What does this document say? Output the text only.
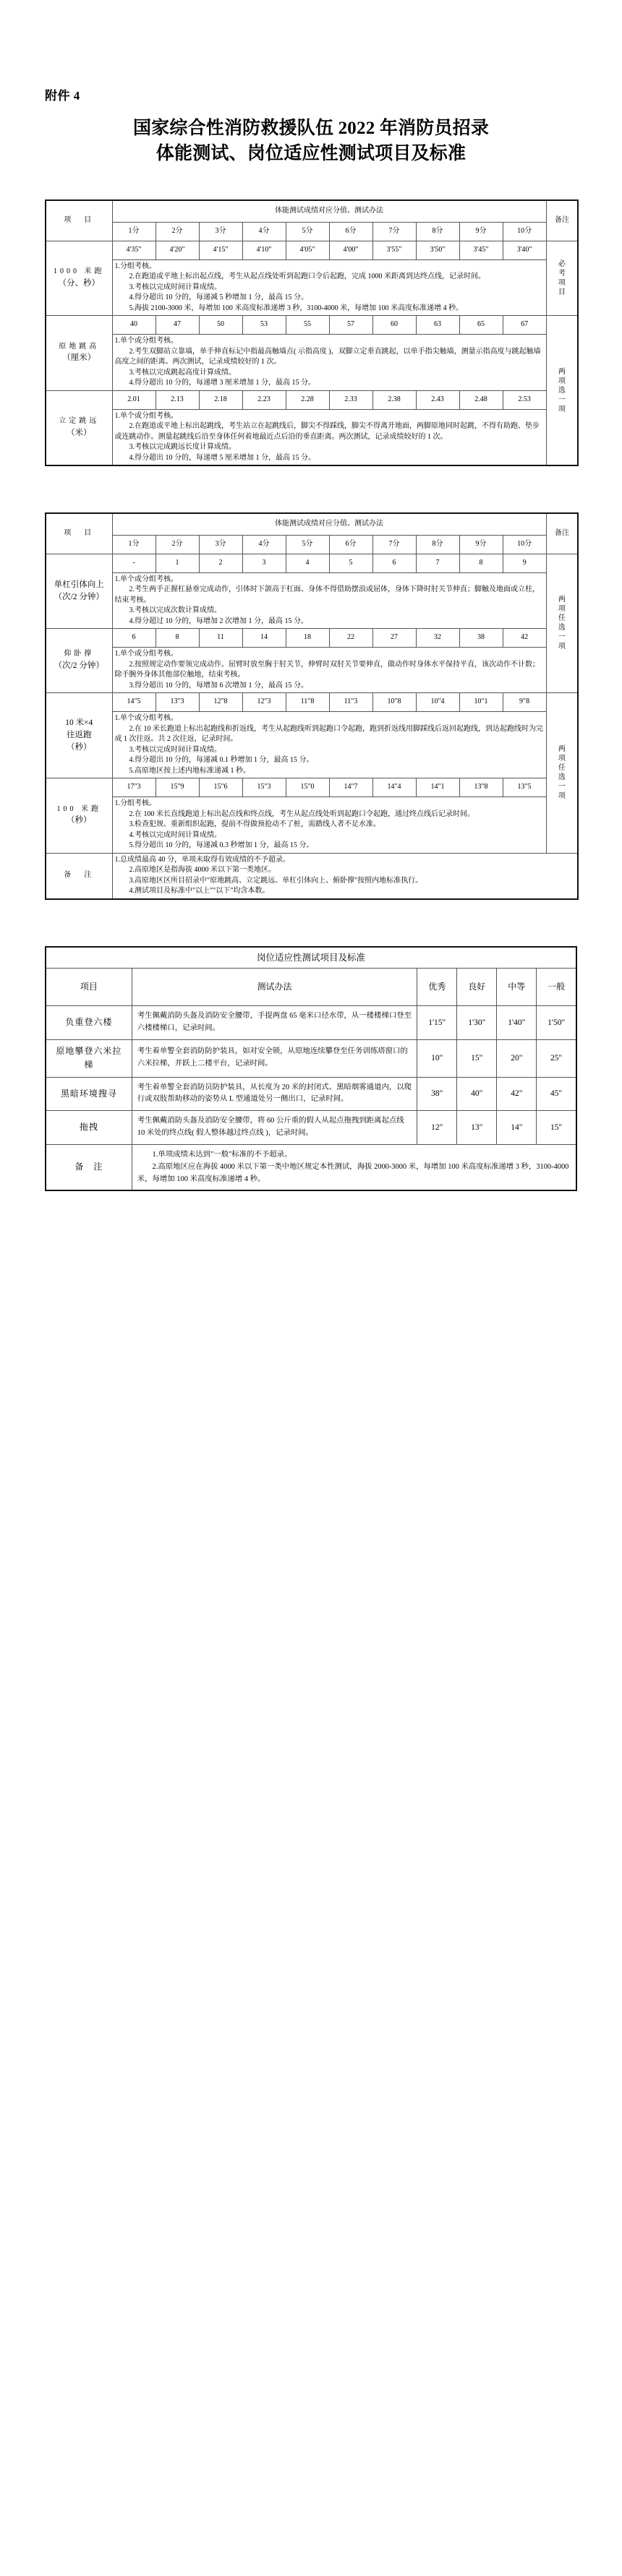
附件 4
国家综合性消防救援队伍 2022 年消防员招录
体能测试、岗位适应性测试项目及标准
项　目	体能测试成绩对应分值、测试办法										备注
	1分	2分	3分	4分	5分	6分	7分	8分	9分	10分	
1000 米跑
（分、秒）	4'35"	4'20"	4'15"	4'10"	4'05"	4'00"	3'55"	3'50"	3'45"	3'40"	必考项目

	1.分组考核。

2.在跑道或平地上标出起点线，考生从起点线处听到起跑口令后起跑，完成 1000 米距离到达终点线，记录时间。

3.考核以完成时间计算成绩。

4.得分超出 10 分的，每递减 5 秒增加 1 分，最高 15 分。

5.海拔 2100-3000 米，每增加 100 米高度标准递增 3 秒，3100-4000 米，每增加 100 米高度标准递增 4 秒。										

原地跳高
（厘米）	40	47	50	53	55	57	60	63	65	67	两项选一项

	1.单个或分组考核。

2.考生双脚站立靠墙，单手伸直标记中指最高触墙点( 示指高度 )，双脚立定垂直跳起，以单手指尖触墙，测量示指高度与跳起触墙高度之间的距离。两次测试，记录成绩较好的 1 次。

3.考核以完成跳起高度计算成绩。

4.得分超出 10 分的，每递增 3 厘米增加 1 分，最高 15 分。										

立定跳远
（米）	2.01	2.13	2.18	2.23	2.28	2.33	2.38	2.43	2.48	2.53	

	1.单个或分组考核。

2.在跑道或平地上标出起跳线，考生站立在起跳线后，脚尖不得踩线，脚尖不得离开地面，两脚原地同时起跳，不得有助跑、垫步或连跳动作。测量起跳线后沿至身体任何着地最近点后沿的垂直距离。两次测试，记录成绩较好的 1 次。

3.考核以完成跳远长度计算成绩。

4.得分超出 10 分的，每递增 5 厘米增加 1 分，最高 15 分。										

项　目	体能测试成绩对应分值、测试办法										备注
	1分	2分	3分	4分	5分	6分	7分	8分	9分	10分	

单杠引体向上
（次/2 分钟）	-	1	2	3	4	5	6	7	8	9	两项任选一项

	1.单个或分组考核。

2.考生两手正握杠悬垂完成动作，引体时下颌高于杠面、身体不得借助摆浪或屈体，身体下降时肘关节伸直；脚触及地面或立柱，结束考核。

3.考核以完成次数计算成绩。

4.得分超过 10 分的，每增加 2 次增加 1 分，最高 15 分。										

仰卧撑
（次/2 分钟）	6	8	11	14	18	22	27	32	38	42	

	1.单个或分组考核。

2.按照规定动作要领完成动作。屈臂时放至胸于肘关节，伸臂时双肘关节要伸直，做动作时身体水平保持平直，该次动作不计数；除手腕外身体其他部位触地，结束考核。

3.得分超出 10 分的，每增加 6 次增加 1 分，最高 15 分。										

10 米×4
往返跑
（秒）	14"5	13"3	12"8	12"3	11"8	11"3	10"8	10"4	10"1	9"8	两项任选一项

	1.单个或分组考核。

2.在 10 米长跑道上标出起跑线和折返线，考生从起跑线听到起跑口令起跑，跑到折返线用脚踩线后返回起跑线，到达起跑线时为完成 1 次往返。共 2 次往返，记录时间。

3.考核以完成时间计算成绩。

4.得分超出 10 分的，每递减 0.1 秒增加 1 分，最高 15 分。

5.高原地区按上述内地标准递减 1 秒。										

100 米跑
（秒）	17"3	15"9	15"6	15"3	15"0	14"7	14"4	14"1	13"8	13"5	

	1.分组考核。

2.在 100 米长直线跑道上标出起点线和终点线，考生从起点线处听到起跑口令起跑，通过终点线后记录时间。

3.检查犯规、重新组织起跑，提前不得做预抢动不了桩，需踏线人者不足水准。

4.考核以完成时间计算成绩。

5.得分超出 10 分的，每递减 0.3 秒增加 1 分，最高 15 分。										

备　注	1.总成绩最高 40 分，单项未取得有效成绩的不予超录。

2.高原地区是指海拔 4000 米以下第一类地区。

3.高原地区区所目招录中"原地跳高、立定跳远、单杠引体向上、俯卧撑"按照内地标准执行。

4.测试项目及标准中"以上""以下"均含本数。										

岗位适应性测试项目及标准					
项目	测试办法	优秀	良好	中等	一般
负重登六楼	考生佩戴消防头盔及消防安全腰带，手提两盘 65 毫米口径水带，从一楼楼梯口登至六楼楼梯口，记录时间。	1'15"	1'30"	1'40"	1'50"
原地攀登六米拉梯	考生着单警全套消防防护装具，如对安全锁，从原地连续攀登至任务训练塔窗口的六米拉梯，并跃上二楼平台，记录时间。	10"	15"	20"	25"
黑暗环境搜寻	考生着单警全套消防员防护装具，从长度为 20 米的封闭式、黑暗烟雾通道内，以爬行或双肢帮助移动的姿势从 L 型通道处另一侧出口，记录时间。	38"	40"	42"	45"
拖拽	考生佩戴消防头盔及消防安全腰带，将 60 公斤重的假人从起点拖拽到距离起点线 10 米处的终点线( 假人整体越过终点线 )，记录时间。	12"	13"	14"	15"
备　注	1.单项成绩未达到"一般"标准的不予超录。

2.高原地区应在海拔 4000 米以下第一类中地区规定本性测试，海拔 2000-3000 米，每增加 100 米高度标准递增 3 秒，3100-4000 米，每增加 100 米高度标准递增 4 秒。				
